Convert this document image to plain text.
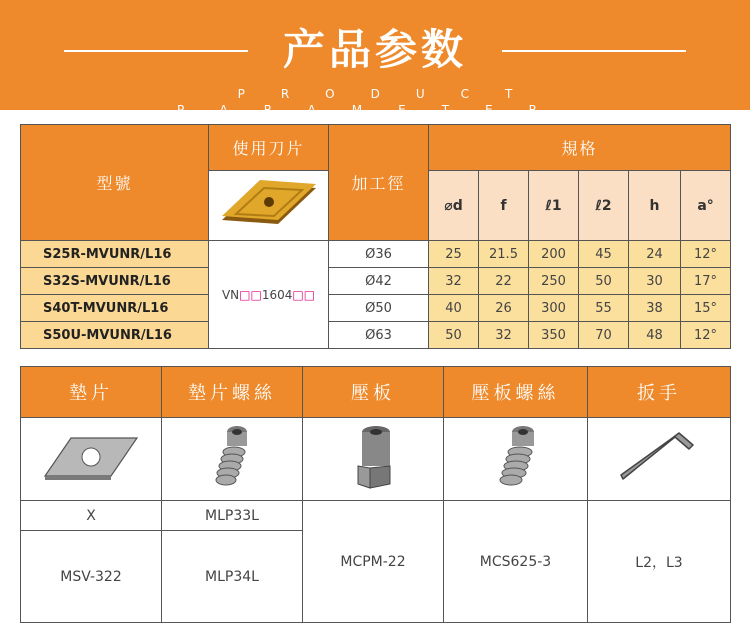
产品参数
PRODUCT PARAMETER
型號	使用刀片	加工徑	規格					
	⌀d	f	ℓ1	ℓ2	h	a°
S25R-MVUNR/L16	VN□□1604□□	Ø36	25	21.5	200	45	24	12°
S32S-MVUNR/L16		Ø42	32	22	250	50	30	17°
S40T-MVUNR/L16		Ø50	40	26	300	55	38	15°
S50U-MVUNR/L16		Ø63	50	32	350	70	48	12°
墊片	墊片螺絲	壓板	壓板螺絲	扳手

X	MLP33L	MCPM-22	MCS625-3	L2，L3
MSV-322	MLP34L			
